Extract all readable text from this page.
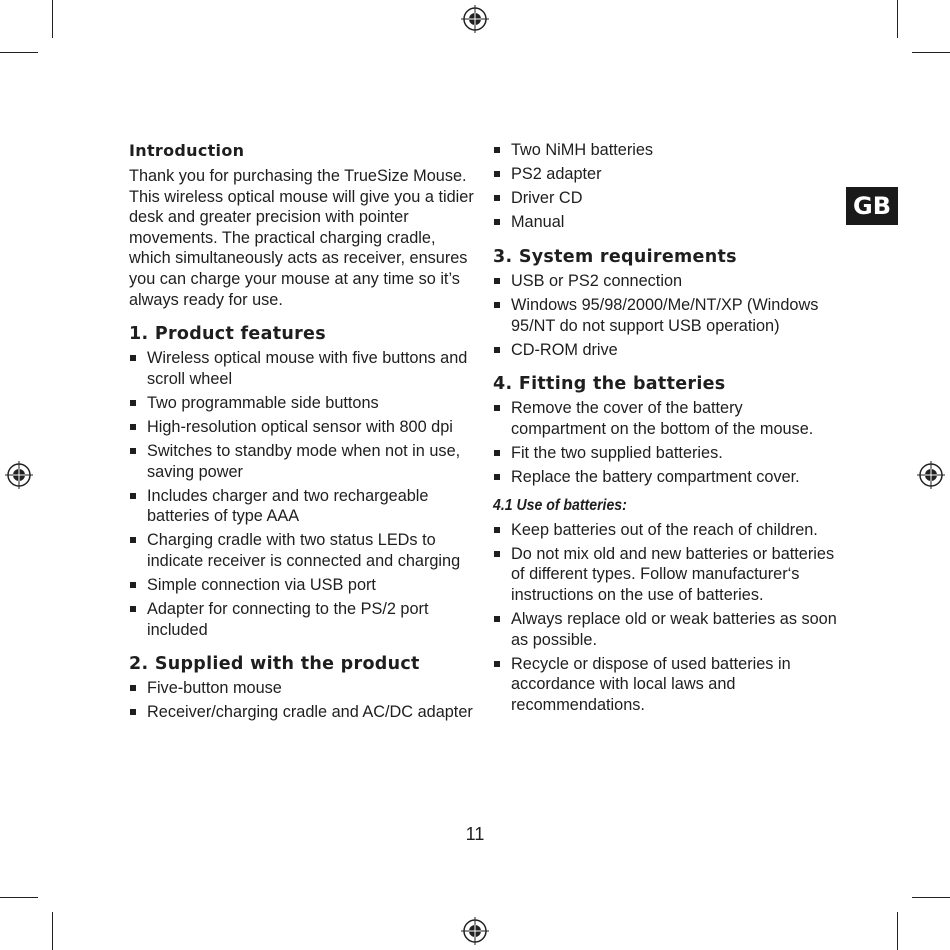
Introduction

Thank you for purchasing the TrueSize Mouse. This wireless optical mouse will give you a tidier desk and greater precision with pointer movements. The practical charging cradle, which simultaneously acts as receiver, ensures you can charge your mouse at any time so it’s always ready for use.

1. Product features
Wireless optical mouse with five buttons and scroll wheel
Two programmable side buttons
High-resolution optical sensor with 800 dpi
Switches to standby mode when not in use, saving power
Includes charger and two rechargeable batteries of type AAA
Charging cradle with two status LEDs to indicate receiver is connected and charging
Simple connection via USB port
Adapter for connecting to the PS/2 port included
2. Supplied with the product
Five-button mouse
Receiver/charging cradle and AC/DC adapter
Two NiMH batteries
PS2 adapter
Driver CD
Manual
3. System requirements
USB or PS2 connection
Windows 95/98/2000/Me/NT/XP (Windows 95/NT do not support USB operation)
CD-ROM drive
4. Fitting the batteries
Remove the cover of the battery compartment on the bottom of the mouse.
Fit the two supplied batteries.
Replace the battery compartment cover.
4.1 Use of batteries:
Keep batteries out of the reach of children.
Do not mix old and new batteries or batteries of different types. Follow manufacturer‘s instructions on the use of batteries.
Always replace old or weak batteries as soon as possible.
Recycle or dispose of used batteries in accordance with local laws and recommendations.
GB
11
